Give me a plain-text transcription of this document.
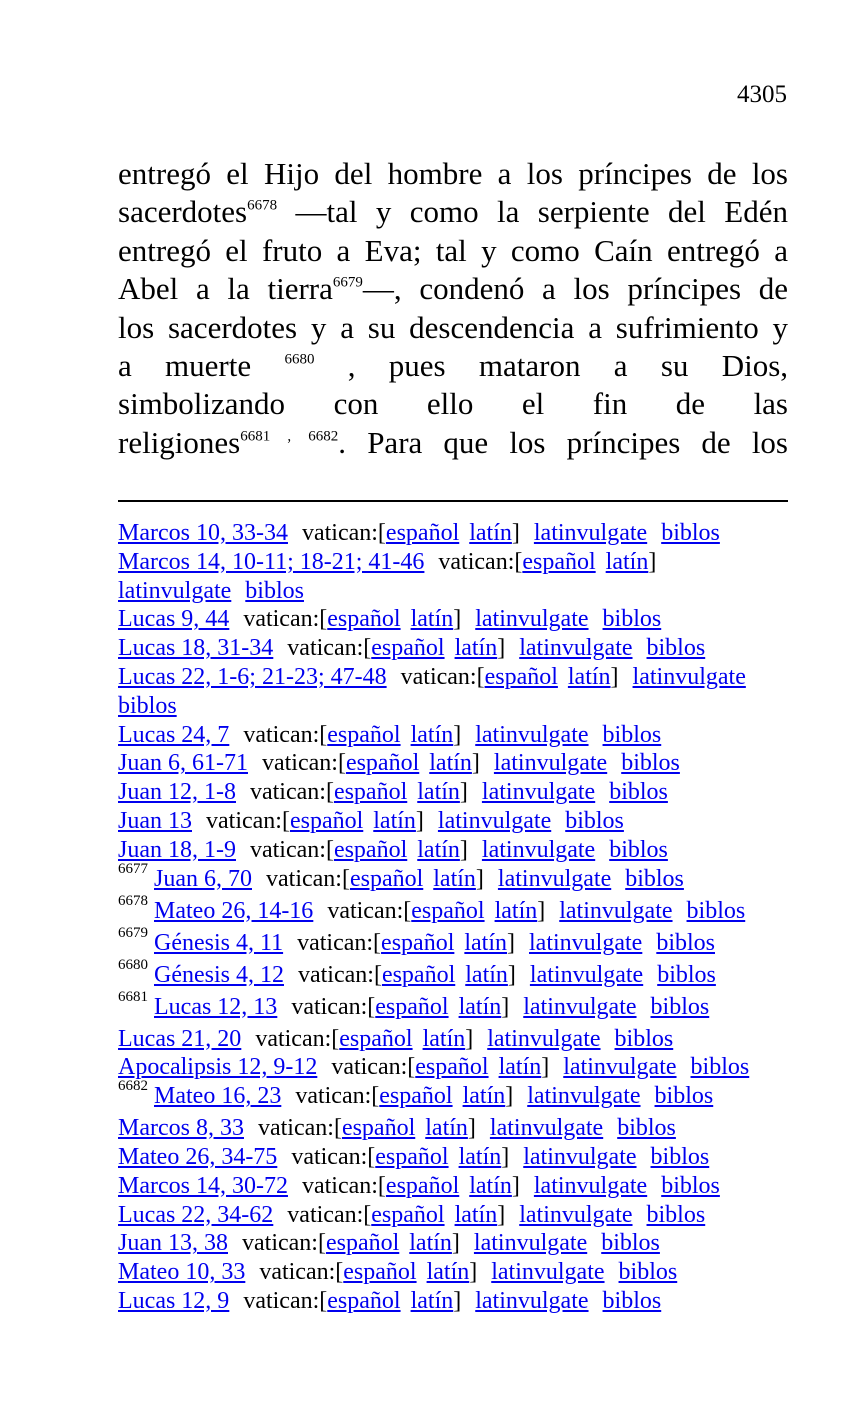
4305
entregó el Hijo del hombre a los príncipes de los
sacerdotes$^{6678}$ —tal y como la serpiente del Edén
entregó el fruto a Eva; tal y como Caín entregó a
Abel a la tierra$^{6679}$—, condenó a los príncipes de
los sacerdotes y a su descendencia a sufrimiento y
a muerte $^{6680}$ , pues mataron a su Dios,
simbolizando con ello el fin de las
religiones$^{6681 , 6682}$. Para que los príncipes de los
Marcos 10, 33-34 vatican:[español latín] latinvulgate biblos
Marcos 14, 10-11; 18-21; 41-46 vatican:[español latín]
latinvulgate biblos
Lucas 9, 44 vatican:[español latín] latinvulgate biblos
Lucas 18, 31-34 vatican:[español latín] latinvulgate biblos
Lucas 22, 1-6; 21-23; 47-48 vatican:[español latín] latinvulgate
biblos
Lucas 24, 7 vatican:[español latín] latinvulgate biblos
Juan 6, 61-71 vatican:[español latín] latinvulgate biblos
Juan 12, 1-8 vatican:[español latín] latinvulgate biblos
Juan 13 vatican:[español latín] latinvulgate biblos
Juan 18, 1-9 vatican:[español latín] latinvulgate biblos
$^{6677}$ Juan 6, 70 vatican:[español latín] latinvulgate biblos
$^{6678}$ Mateo 26, 14-16 vatican:[español latín] latinvulgate biblos
$^{6679}$ Génesis 4, 11 vatican:[español latín] latinvulgate biblos
$^{6680}$ Génesis 4, 12 vatican:[español latín] latinvulgate biblos
$^{6681}$ Lucas 12, 13 vatican:[español latín] latinvulgate biblos
Lucas 21, 20 vatican:[español latín] latinvulgate biblos
Apocalipsis 12, 9-12 vatican:[español latín] latinvulgate biblos
$^{6682}$ Mateo 16, 23 vatican:[español latín] latinvulgate biblos
Marcos 8, 33 vatican:[español latín] latinvulgate biblos
Mateo 26, 34-75 vatican:[español latín] latinvulgate biblos
Marcos 14, 30-72 vatican:[español latín] latinvulgate biblos
Lucas 22, 34-62 vatican:[español latín] latinvulgate biblos
Juan 13, 38 vatican:[español latín] latinvulgate biblos
Mateo 10, 33 vatican:[español latín] latinvulgate biblos
Lucas 12, 9 vatican:[español latín] latinvulgate biblos
